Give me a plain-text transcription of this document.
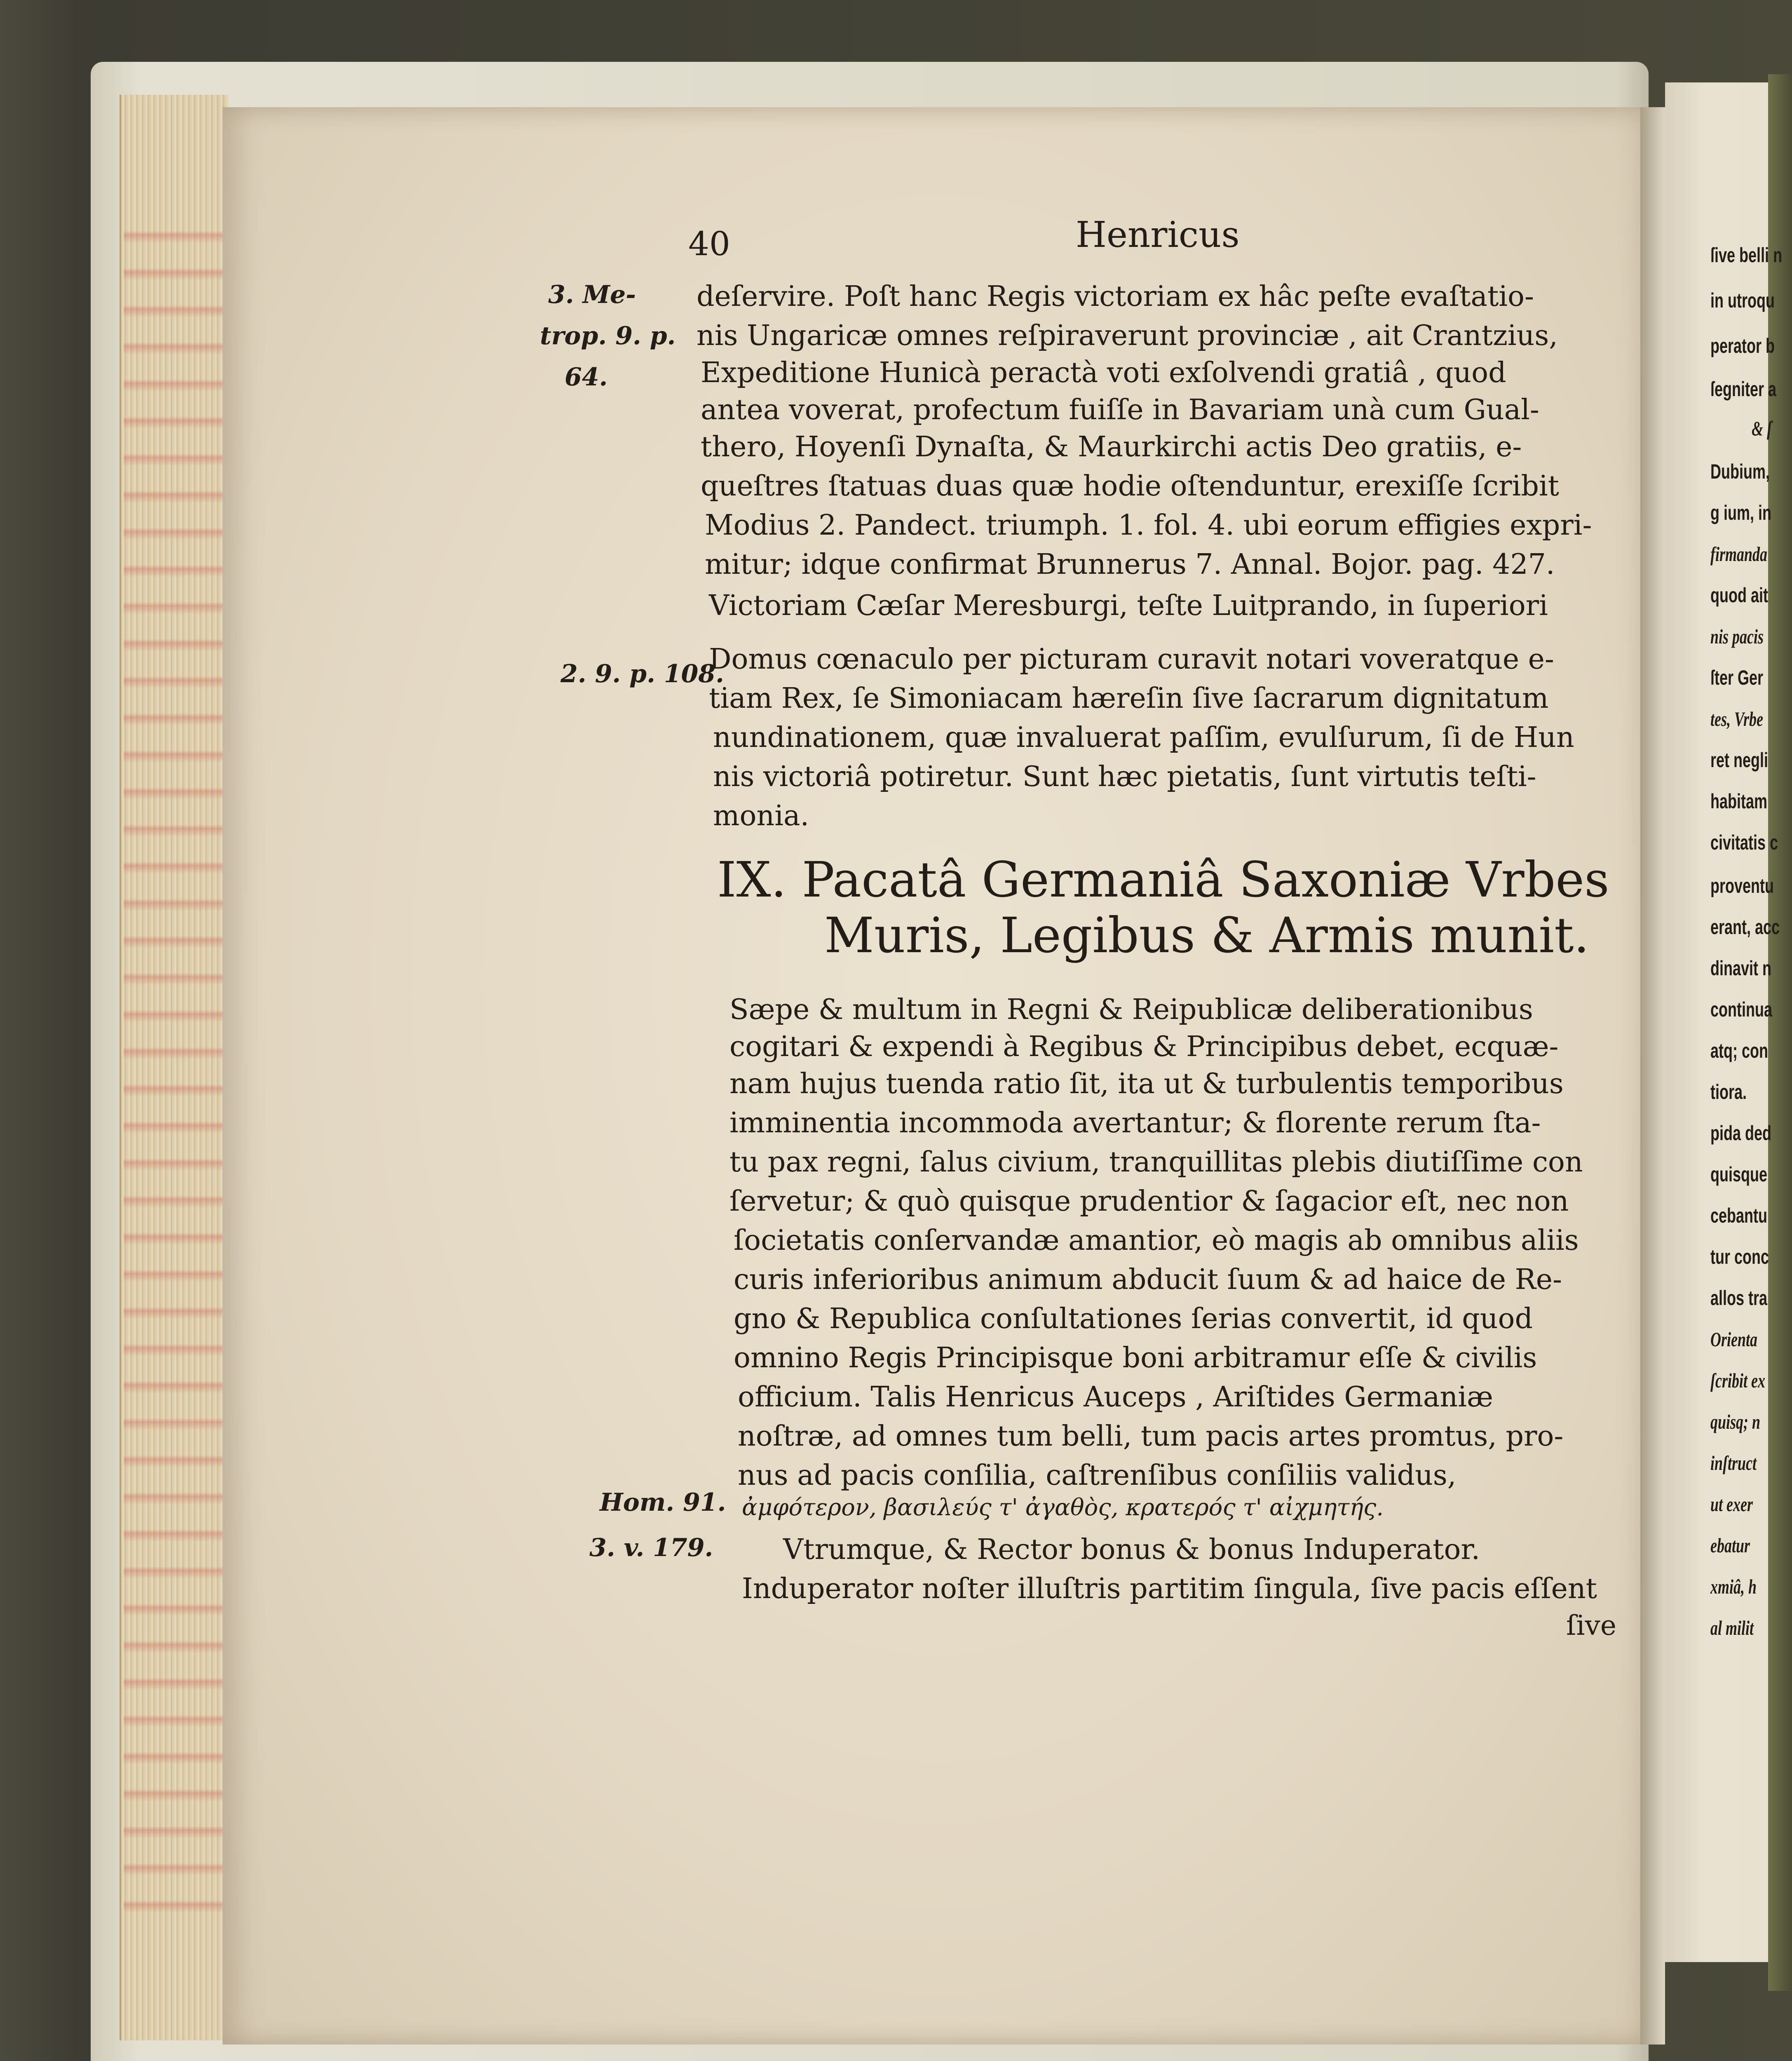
40	Henricus
3. Me-
trop. 9. p.
64.
2. 9. p. 108.
Hom. 91.
3. v. 179.
deſervire. Poſt hanc Regis victoriam ex hâc peſte evaſtatio-
nis Ungaricæ omnes reſpiraverunt provinciæ , ait Crantzius,
Expeditione Hunicà peractà voti exſolvendi gratiâ , quod
antea voverat, profectum fuiſſe in Bavariam unà cum Gual-
thero, Hoyenſi Dynaſta, & Maurkirchi actis Deo gratiis, e-
queſtres ſtatuas duas quæ hodie oſtenduntur, erexiſſe ſcribit
Modius 2. Pandect. triumph. 1. fol. 4. ubi eorum effigies expri-
mitur; idque confirmat Brunnerus 7. Annal. Bojor. pag. 427.
Victoriam Cæſar Meresburgi, teſte Luitprando, in ſuperiori
Domus cœnaculo per picturam curavit notari voveratque e-
tiam Rex, ſe Simoniacam hæreſin ſive ſacrarum dignitatum
nundinationem, quæ invaluerat paſſim, evulſurum, ſi de Hun
nis victoriâ potiretur. Sunt hæc pietatis, ſunt virtutis teſti-
monia.
IX. Pacatâ Germaniâ Saxoniæ Vrbes
Muris, Legibus & Armis munit.
Sæpe & multum in Regni & Reipublicæ deliberationibus
cogitari & expendi à Regibus & Principibus debet, ecquæ-
nam hujus tuenda ratio ſit, ita ut & turbulentis temporibus
imminentia incommoda avertantur; & florente rerum ſta-
tu pax regni, ſalus civium, tranquillitas plebis diutiſſime con
ſervetur; & quò quisque prudentior & ſagacior eſt, nec non
ſocietatis conſervandæ amantior, eò magis ab omnibus aliis
curis inferioribus animum abducit ſuum & ad haice de Re-
gno & Republica conſultationes ſerias convertit, id quod
omnino Regis Principisque boni arbitramur eſſe & civilis
officium. Talis Henricus Auceps , Ariſtides Germaniæ
noſtræ, ad omnes tum belli, tum pacis artes promtus, pro-
nus ad pacis conſilia, caſtrenſibus conſiliis validus,
ἀμφότερον, βασιλεύς τ' ἀγαθὸς, κρατερός τ' αἰχμητής.
Vtrumque, & Rector bonus & bonus Induperator.
Induperator noſter illuſtris partitim ſingula, ſive pacis eſſent
ſive
ſive belli n
in utroqu
perator b
ſegniter a
& ſ
Dubium,
g ium, in
firmanda
quod ait
nis pacis
ſter Ger
tes, Vrbe
ret negli
habitam
civitatis c
proventu
erant, acc
dinavit n
continua
atq; con
tiora.
pida ded
quisque
cebantu
tur conc
allos tra
Orienta
ſcribit ex
quisq; n
inſtruct
ut exer
ebatur
xmiâ, h
al milit
